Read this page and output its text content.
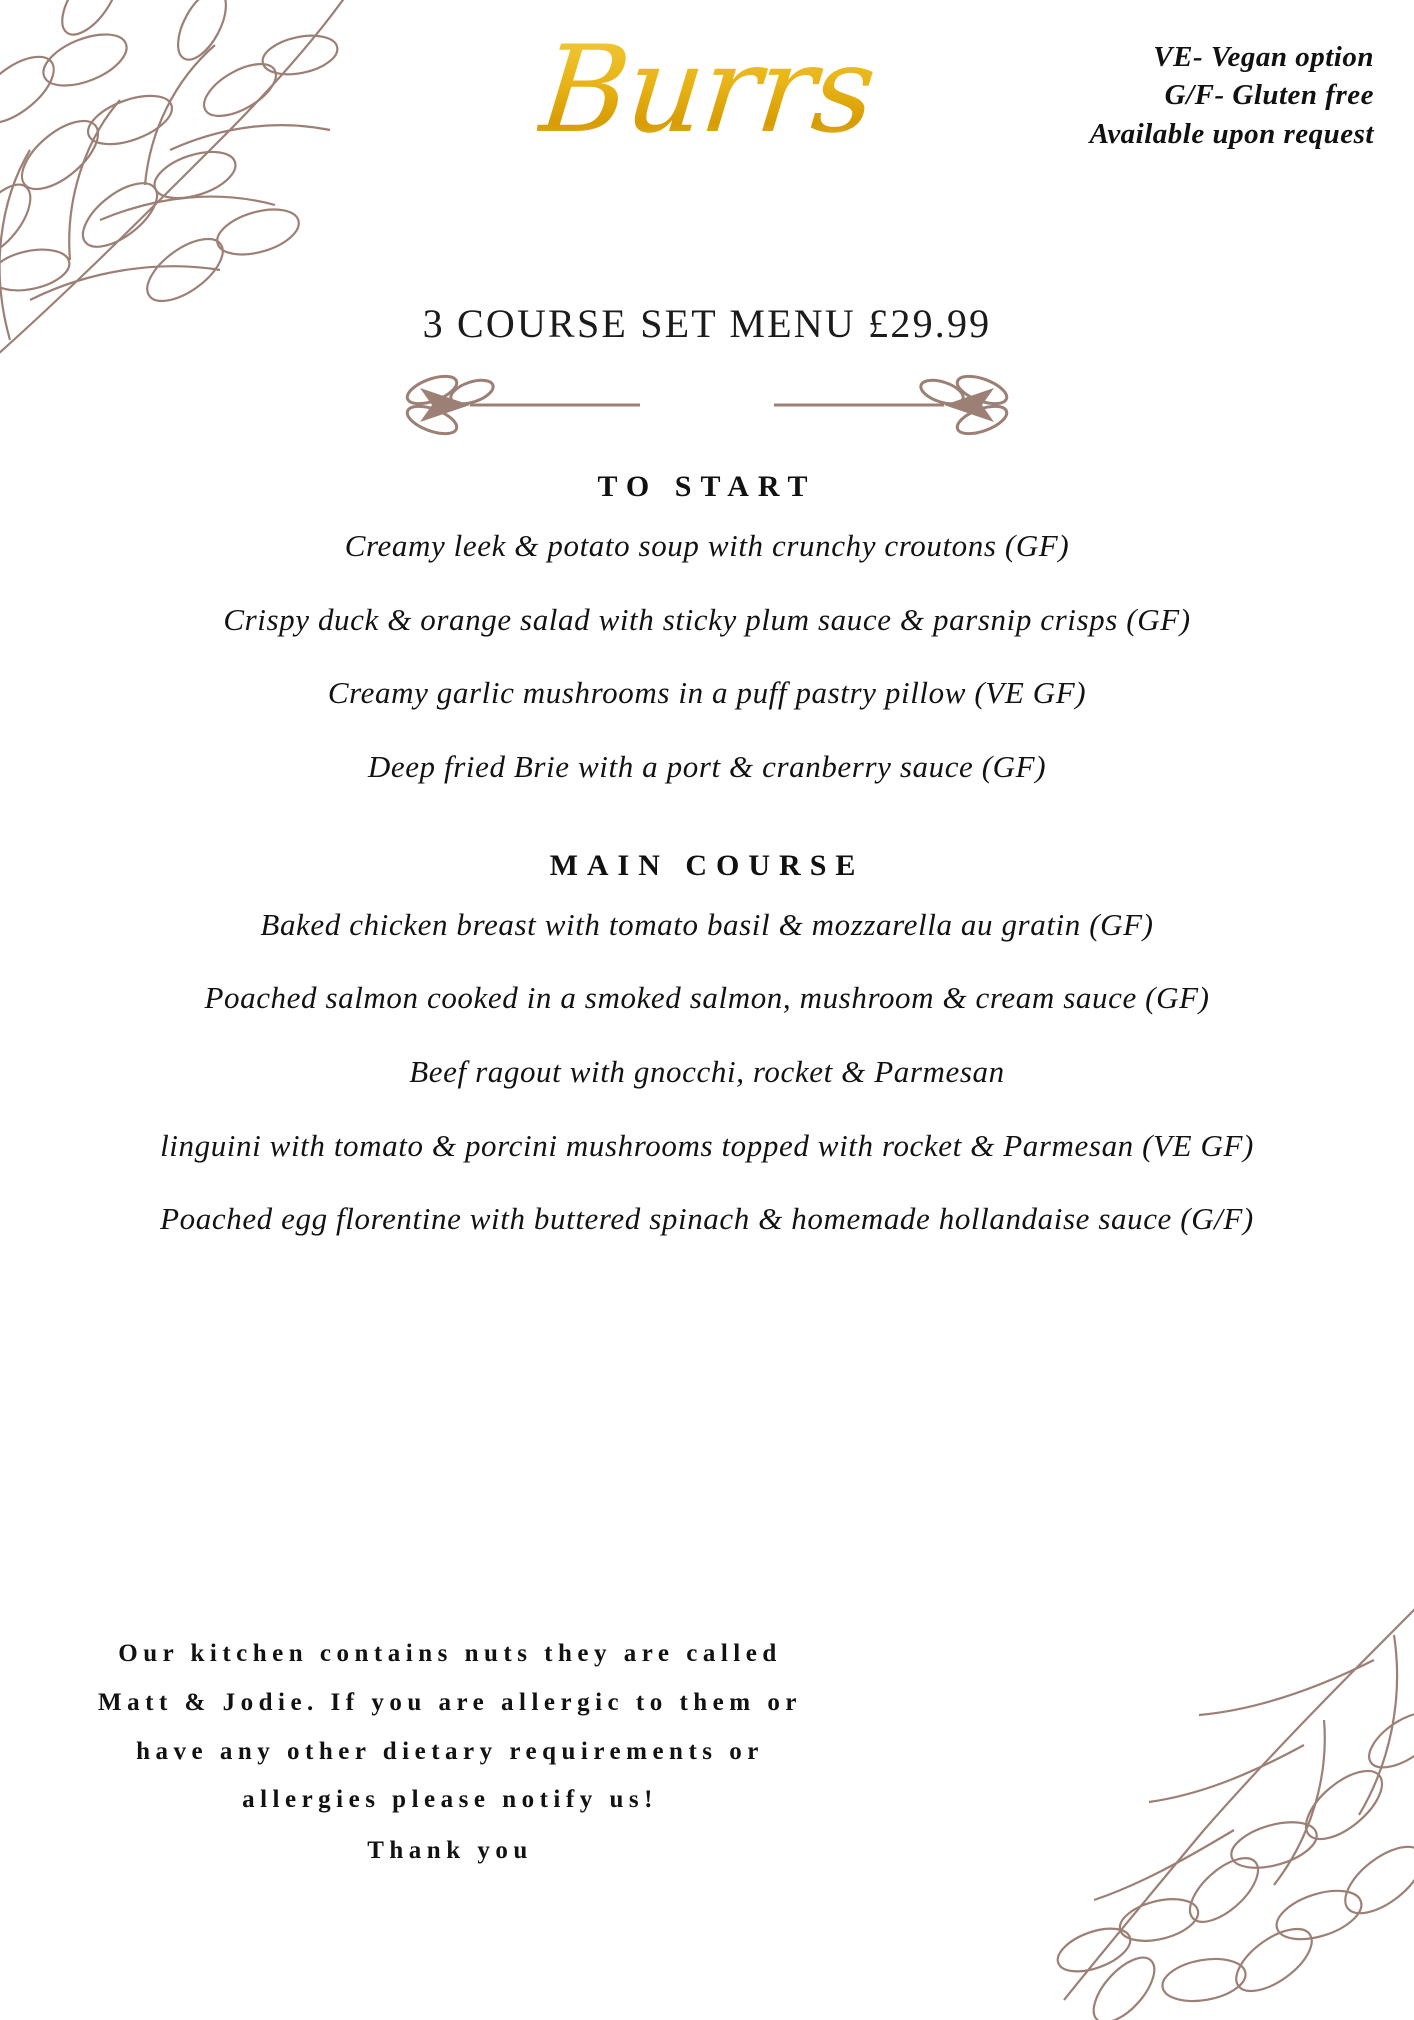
Burrs	VE- Vegan option
G/F- Gluten free
Available upon request
3 COURSE SET MENU £29.99
TO START

Creamy leek & potato soup with crunchy croutons (GF)

Crispy duck & orange salad with sticky plum sauce & parsnip crisps (GF)

Creamy garlic mushrooms in a puff pastry pillow (VE GF)

Deep fried Brie with a port & cranberry sauce (GF)

MAIN COURSE

Baked chicken breast with tomato basil & mozzarella au gratin (GF)

Poached salmon cooked in a smoked salmon, mushroom & cream sauce (GF)

Beef ragout with gnocchi, rocket & Parmesan

linguini with tomato & porcini mushrooms topped with rocket & Parmesan (VE GF)

Poached egg florentine with buttered spinach & homemade hollandaise sauce (G/F)

Our kitchen contains nuts they are called Matt & Jodie. If you are allergic to them or have any other dietary requirements or allergies please notify us!
Thank you
